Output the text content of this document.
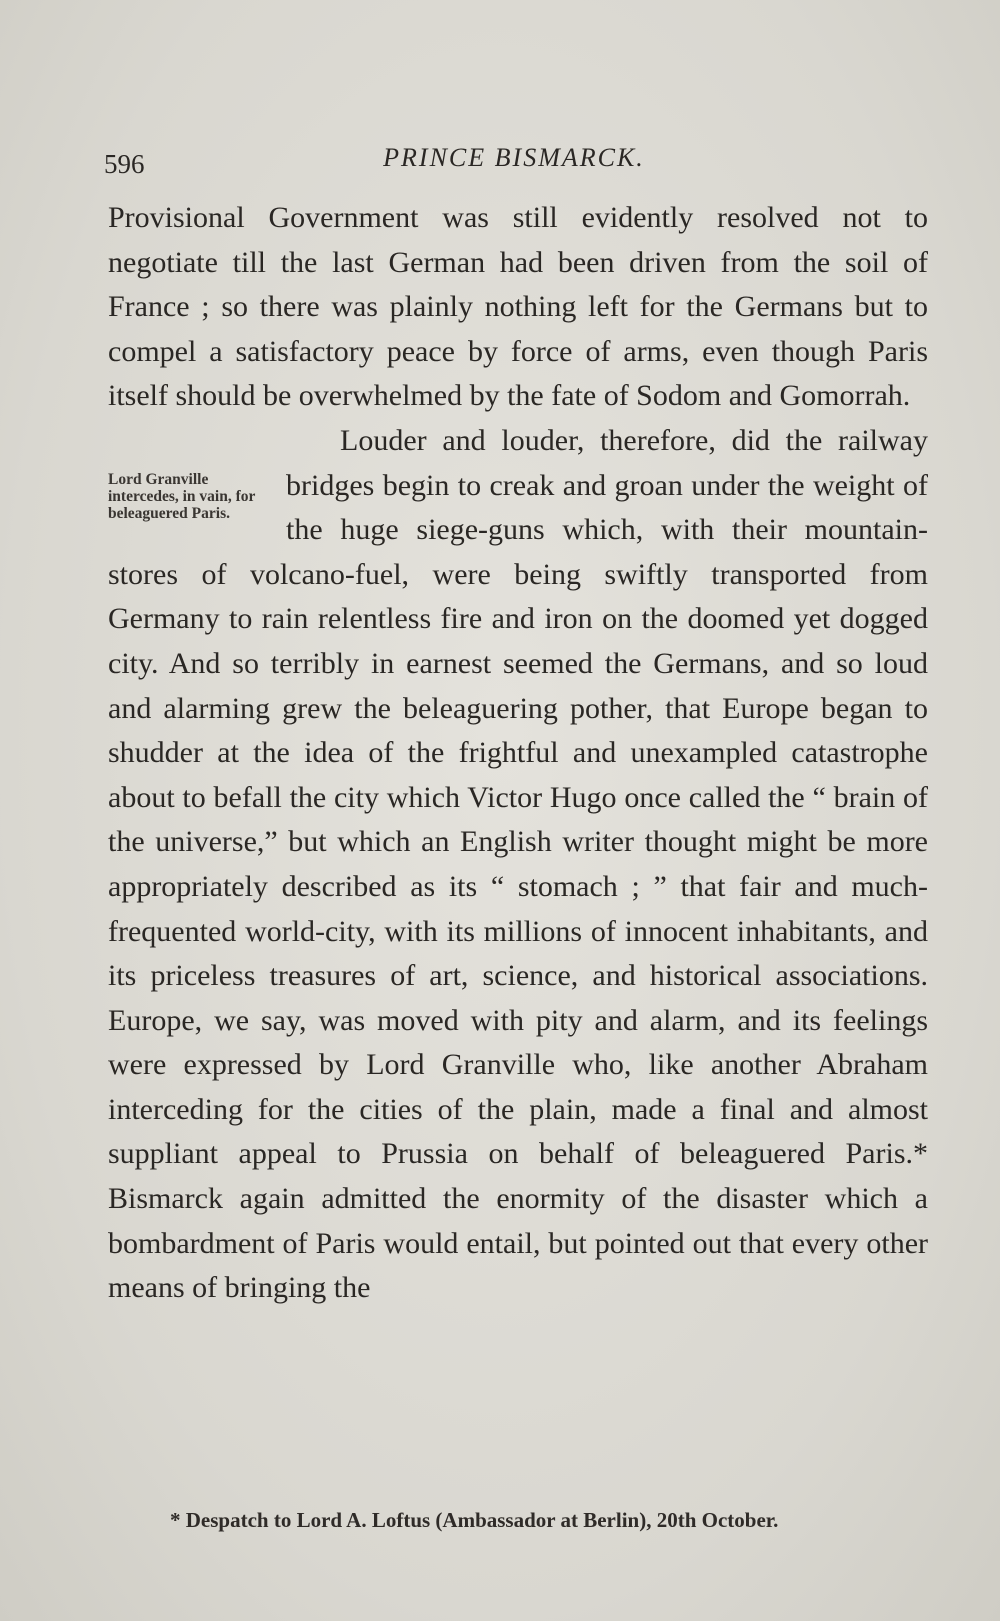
596	PRINCE BISMARCK.

Provisional Government was still evidently resolved not to negotiate till the last German had been driven from the soil of France ; so there was plainly nothing left for the Germans but to compel a satisfactory peace by force of arms, even though Paris itself should be overwhelmed by the fate of Sodom and Gomorrah.

Lord Granville intercedes, in vain, for beleaguered Paris.
Louder and louder, therefore, did the railway bridges begin to creak and groan under the weight of the huge siege-guns which, with their mountain-stores of volcano-fuel, were being swiftly transported from Germany to rain relentless fire and iron on the doomed yet dogged city. And so terribly in earnest seemed the Germans, and so loud and alarming grew the beleaguering pother, that Europe began to shudder at the idea of the frightful and unexampled catastrophe about to befall the city which Victor Hugo once called the “ brain of the universe,” but which an English writer thought might be more appropriately described as its “ stomach ; ” that fair and much-frequented world-city, with its millions of innocent inhabitants, and its priceless treasures of art, science, and historical associations. Europe, we say, was moved with pity and alarm, and its feelings were expressed by Lord Granville who, like another Abraham interceding for the cities of the plain, made a final and almost suppliant appeal to Prussia on behalf of beleaguered Paris.* Bismarck again admitted the enormity of the disaster which a bombardment of Paris would entail, but pointed out that every other means of bringing the

* Despatch to Lord A. Loftus (Ambassador at Berlin), 20th October.
